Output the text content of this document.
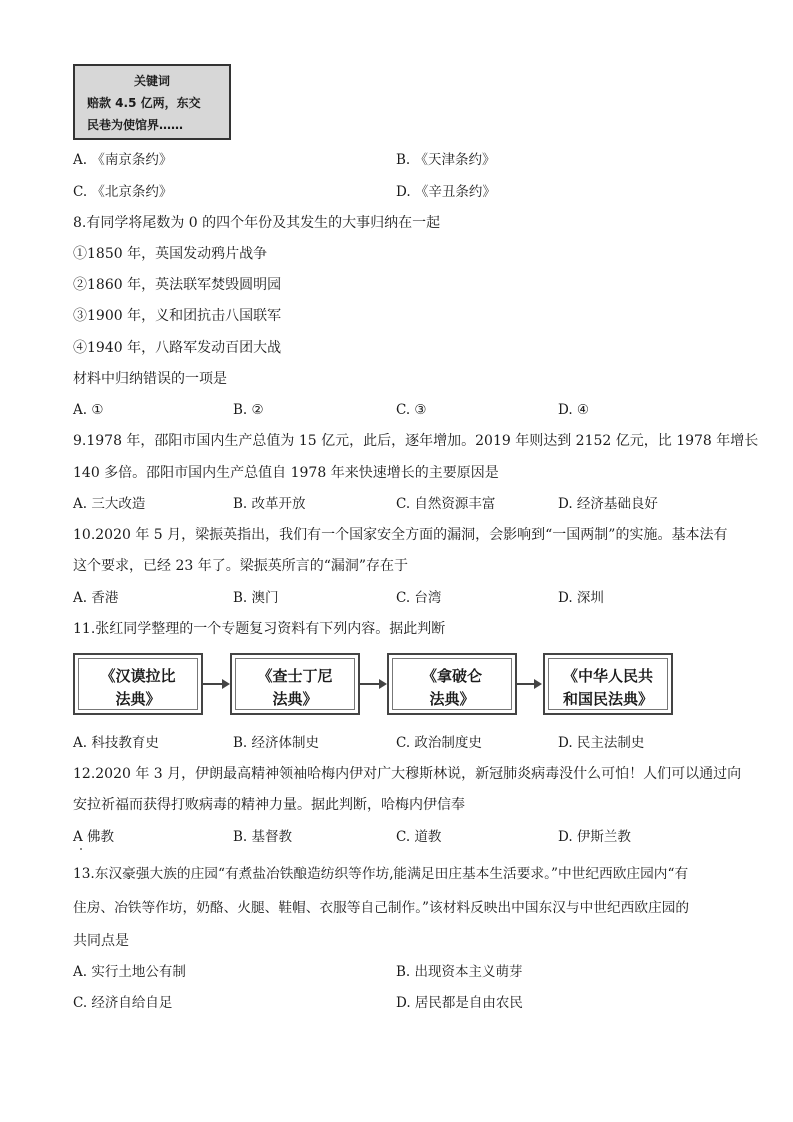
关键词
赔款 4.5 亿两，东交
民巷为使馆界……
A. 《南京条约》	B. 《天津条约》
C. 《北京条约》	D. 《辛丑条约》
8.有同学将尾数为 0 的四个年份及其发生的大事归纳在一起
①1850 年，英国发动鸦片战争
②1860 年，英法联军焚毁圆明园
③1900 年，义和团抗击八国联军
④1940 年，八路军发动百团大战
材料中归纳错误的一项是
A. ①	B. ②	C. ③	D. ④
9.1978 年，邵阳市国内生产总值为 15 亿元，此后，逐年增加。2019 年则达到 2152 亿元，比 1978 年增长
140 多倍。邵阳市国内生产总值自 1978 年来快速增长的主要原因是
A. 三大改造	B. 改革开放	C. 自然资源丰富	D. 经济基础良好
10.2020 年 5 月，梁振英指出，我们有一个国家安全方面的漏洞，会影响到“一国两制”的实施。基本法有
这个要求，已经 23 年了。梁振英所言的“漏洞”存在于
A. 香港	B. 澳门	C. 台湾	D. 深圳
11.张红同学整理的一个专题复习资料有下列内容。据此判断
《汉谟拉比
法典》
《查士丁尼
法典》
《拿破仑
法典》
《中华人民共
和国民法典》
A. 科技教育史	B. 经济体制史	C. 政治制度史	D. 民主法制史
12.2020 年 3 月，伊朗最高精神领袖哈梅内伊对广大穆斯林说，新冠肺炎病毒没什么可怕！人们可以通过向
安拉祈福而获得打败病毒的精神力量。据此判断，哈梅内伊信奉
A 佛教	B. 基督教	C. 道教	D. 伊斯兰教
13.东汉豪强大族的庄园“有煮盐冶铁酿造纺织等作坊,能满足田庄基本生活要求。”中世纪西欧庄园内“有
住房、冶铁等作坊，奶酪、火腿、鞋帽、衣服等自己制作。”该材料反映出中国东汉与中世纪西欧庄园的
共同点是
A. 实行土地公有制	B. 出现资本主义萌芽
C. 经济自给自足	D. 居民都是自由农民
